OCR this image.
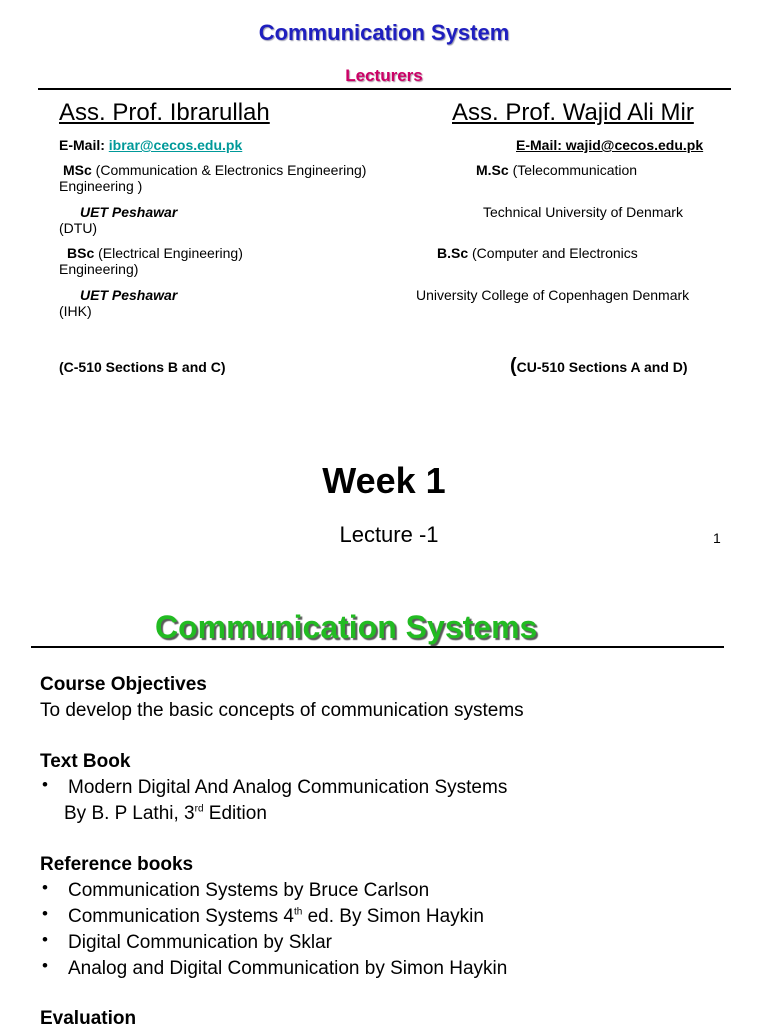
Communication System
Lecturers
Ass. Prof. Ibrarullah	Ass. Prof. Wajid Ali Mir
E-Mail: ibrar@cecos.edu.pk	E-Mail: wajid@cecos.edu.pk
MSc (Communication & Electronics Engineering)	M.Sc (Telecommunication
Engineering )
UET Peshawar	Technical University of Denmark
(DTU)
BSc (Electrical Engineering)	B.Sc (Computer and Electronics
Engineering)
UET Peshawar	University College of Copenhagen Denmark
(IHK)
(C-510 Sections B and C)	(CU-510 Sections A and D)
Week 1
Lecture -1	1
Communication Systems
Course Objectives
To develop the basic concepts of communication systems
Text Book
• Modern Digital And Analog Communication Systems
By B. P Lathi, 3rd Edition
Reference books
• Communication Systems by Bruce Carlson
• Communication Systems 4th ed. By Simon Haykin
• Digital Communication by Sklar
• Analog and Digital Communication by Simon Haykin
Evaluation
